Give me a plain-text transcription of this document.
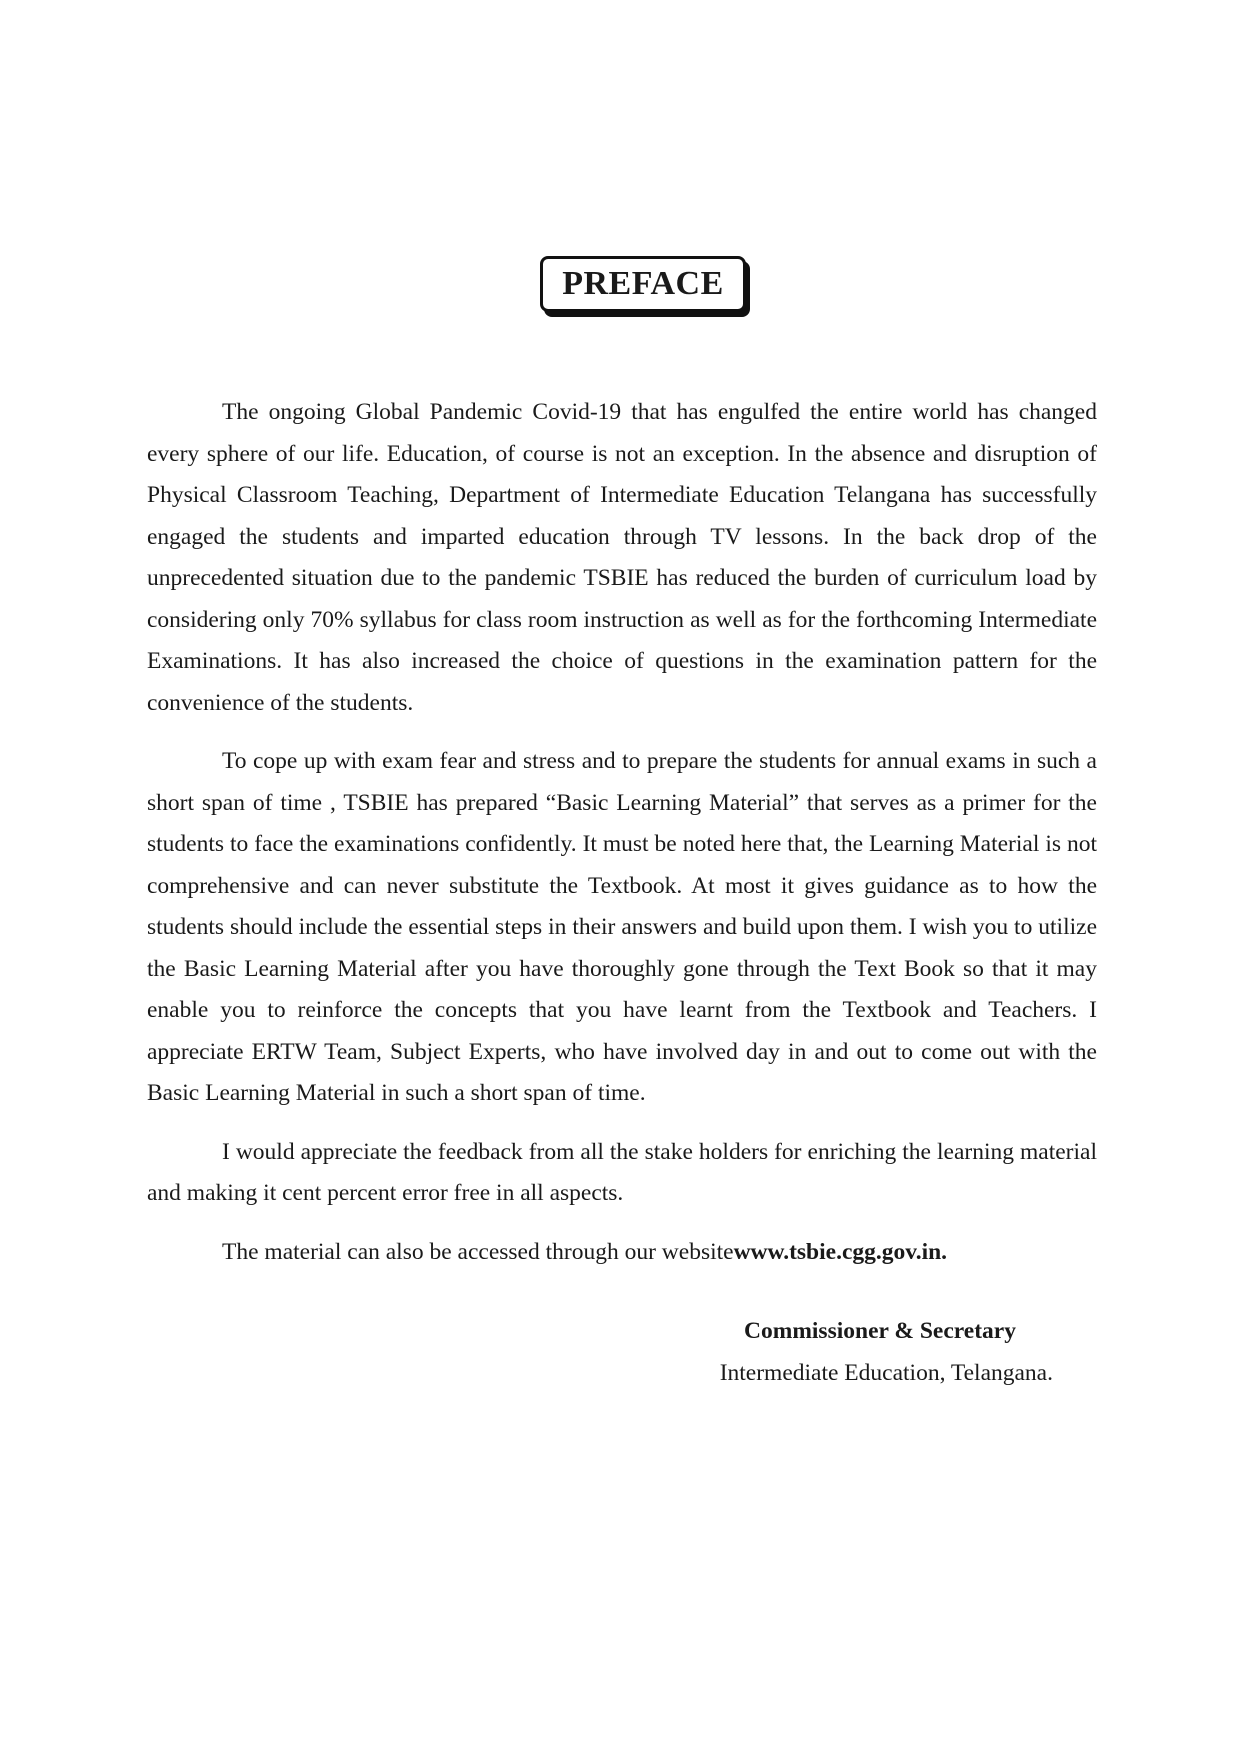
PREFACE

The ongoing Global Pandemic Covid-19 that has engulfed the entire world has changed every sphere of our life. Education, of course is not an exception. In the absence and disruption of Physical Classroom Teaching, Department of Intermediate Education Telangana has successfully engaged the students and imparted education through TV lessons. In the back drop of the unprecedented situation due to the pandemic TSBIE has reduced the burden of curriculum load by considering only 70% syllabus for class room instruction as well as for the forthcoming Intermediate Examinations. It has also increased the choice of questions in the examination pattern for the convenience of the students.

To cope up with exam fear and stress and to prepare the students for annual exams in such a short span of time , TSBIE has prepared “Basic Learning Material” that serves as a primer for the students to face the examinations confidently. It must be noted here that, the Learning Material is not comprehensive and can never substitute the Textbook. At most it gives guidance as to how the students should include the essential steps in their answers and build upon them. I wish you to utilize the Basic Learning Material after you have thoroughly gone through the Text Book so that it may enable you to reinforce the concepts that you have learnt from the Textbook and Teachers. I appreciate ERTW Team, Subject Experts, who have involved day in and out to come out with the Basic Learning Material in such a short span of time.

I would appreciate the feedback from all the stake holders for enriching the learning material and making it cent percent error free in all aspects.

The material can also be accessed through our websitewww.tsbie.cgg.gov.in.

Commissioner & Secretary
Intermediate Education, Telangana.
